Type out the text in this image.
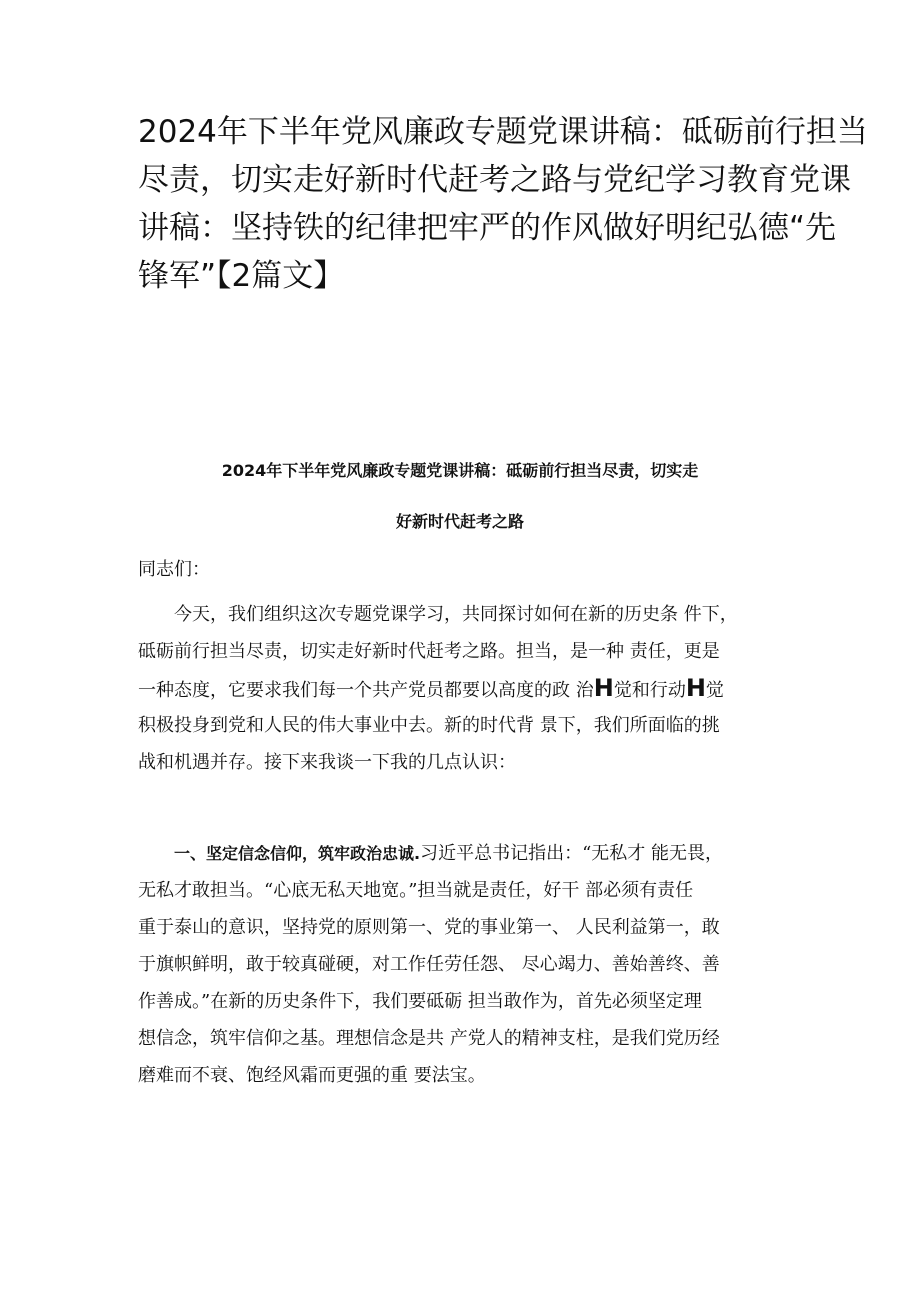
2024年下半年党风廉政专题党课讲稿：砥砺前行担当
尽责，切实走好新时代赶考之路与党纪学习教育党课
讲稿：坚持铁的纪律把牢严的作风做好明纪弘德“先
锋军”【2篇文】
2024年下半年党风廉政专题党课讲稿：砥砺前行担当尽责，切实走
好新时代赶考之路

同志们：

今天，我们组织这次专题党课学习，共同探讨如何在新的历史条 件下，
砥砺前行担当尽责，切实走好新时代赶考之路。担当，是一种 责任，更是
一种态度，它要求我们每一个共产党员都要以高度的政 治H觉和行动H觉
积极投身到党和人民的伟大事业中去。新的时代背 景下，我们所面临的挑
战和机遇并存。接下来我谈一下我的几点认识：
一、坚定信念信仰，筑牢政治忠诚.习近平总书记指出：“无私才 能无畏，
无私才敢担当。“心底无私天地宽。”担当就是责任，好干 部必须有责任
重于泰山的意识，坚持党的原则第一、党的事业第一、 人民利益第一，敢
于旗帜鲜明，敢于较真碰硬，对工作任劳任怨、 尽心竭力、善始善终、善
作善成。”在新的历史条件下，我们要砥砺 担当敢作为，首先必须坚定理
想信念，筑牢信仰之基。理想信念是共 产党人的精神支柱，是我们党历经
磨难而不衰、饱经风霜而更强的重 要法宝。
